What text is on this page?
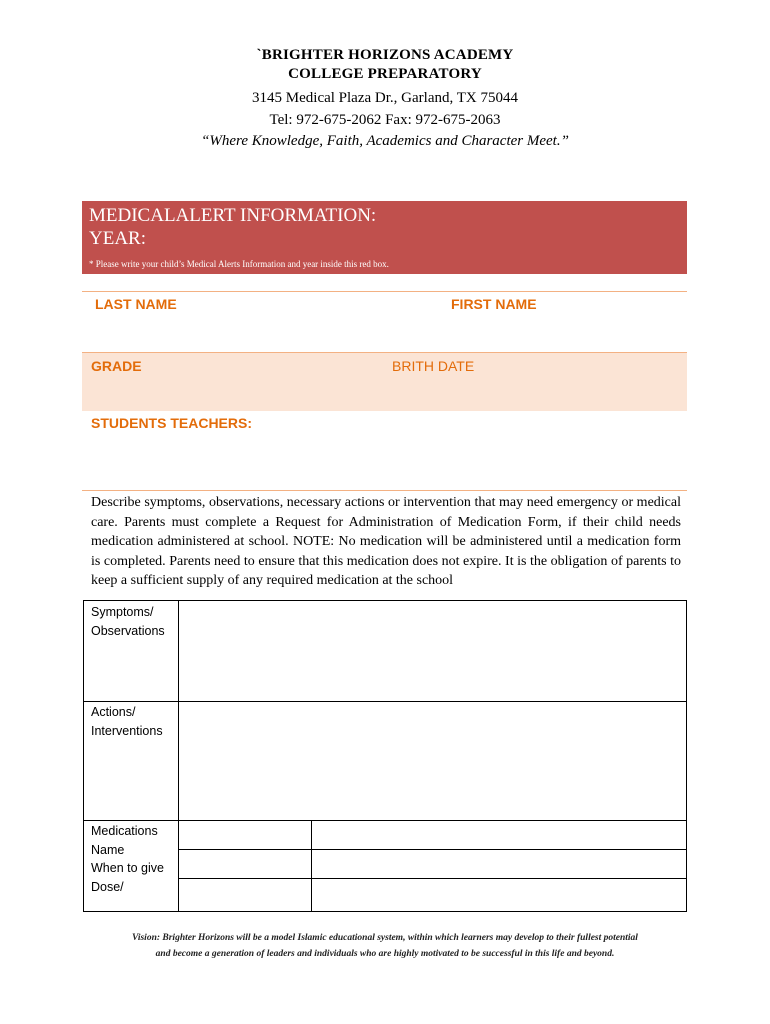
`BRIGHTER HORIZONS ACADEMY
COLLEGE PREPARATORY
3145 Medical Plaza Dr., Garland, TX 75044
Tel: 972-675-2062 Fax: 972-675-2063
“Where Knowledge, Faith, Academics and Character Meet.”
MEDICALALERT INFORMATION:
YEAR:
* Please write your child’s Medical Alerts Information and year inside this red box.
LAST NAME	FIRST NAME
GRADE	BRITH DATE
STUDENTS TEACHERS:
Describe symptoms, observations, necessary actions or intervention that may need emergency or medical care. Parents must complete a Request for Administration of Medication Form, if their child needs medication administered at school. NOTE: No medication will be administered until a medication form is completed. Parents need to ensure that this medication does not expire. It is the obligation of parents to keep a sufficient supply of any required medication at the school
Symptoms/
Observations
Actions/
Interventions
Medications
Name
When to give
Dose/
Vision: Brighter Horizons will be a model Islamic educational system, within which learners may develop to their fullest potential
and become a generation of leaders and individuals who are highly motivated to be successful in this life and beyond.
